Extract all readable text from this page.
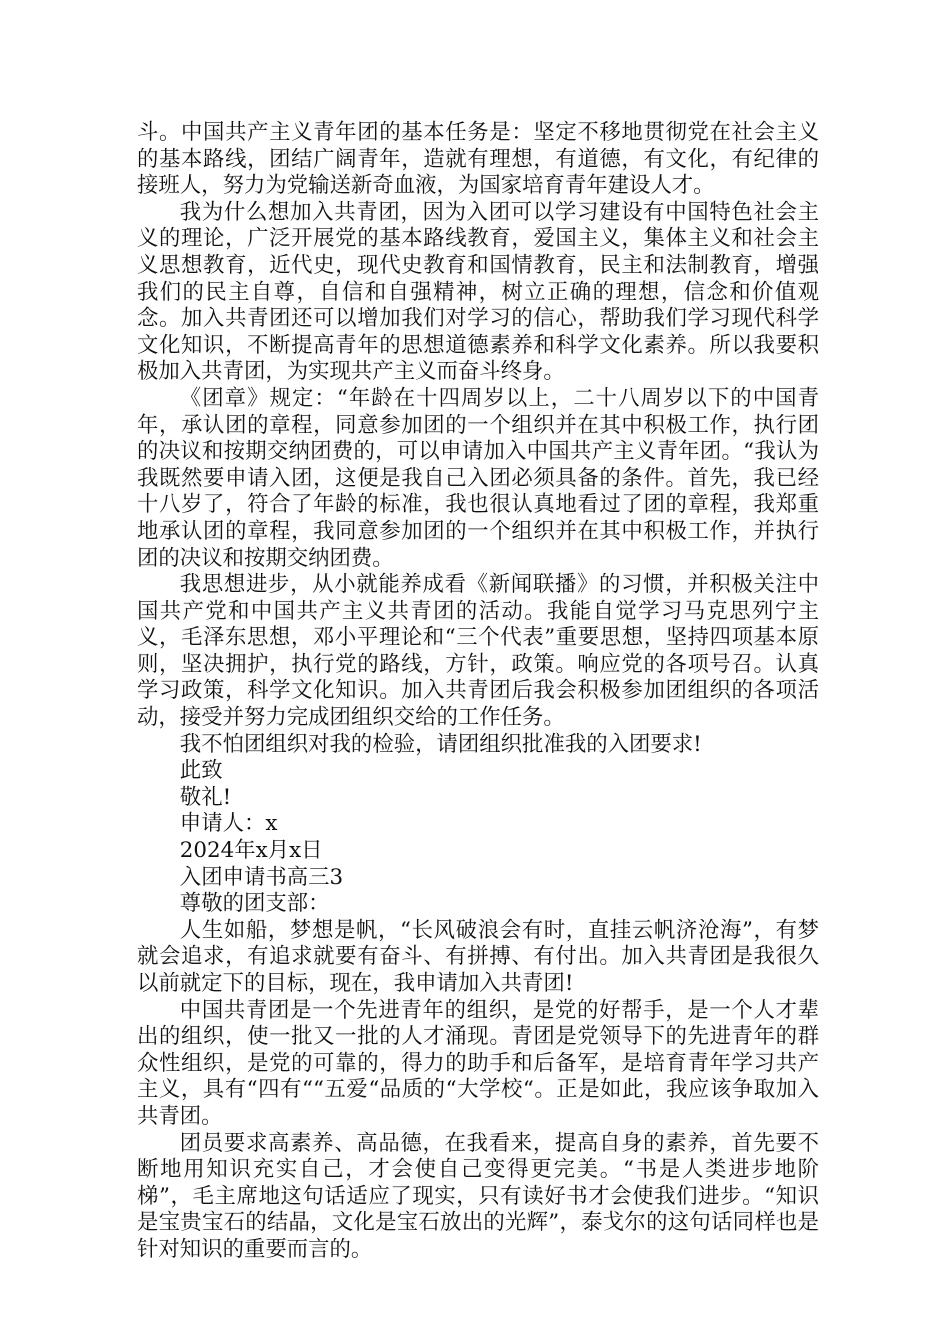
斗。中国共产主义青年团的基本任务是：坚定不移地贯彻党在社会主义的基本路线，团结广阔青年，造就有理想，有道德，有文化，有纪律的接班人，努力为党输送新奇血液，为国家培育青年建设人才。

我为什么想加入共青团，因为入团可以学习建设有中国特色社会主义的理论，广泛开展党的基本路线教育，爱国主义，集体主义和社会主义思想教育，近代史，现代史教育和国情教育，民主和法制教育，增强我们的民主自尊，自信和自强精神，树立正确的理想，信念和价值观念。加入共青团还可以增加我们对学习的信心，帮助我们学习现代科学文化知识，不断提高青年的思想道德素养和科学文化素养。所以我要积极加入共青团，为实现共产主义而奋斗终身。

《团章》规定：“年龄在十四周岁以上，二十八周岁以下的中国青年，承认团的章程，同意参加团的一个组织并在其中积极工作，执行团的决议和按期交纳团费的，可以申请加入中国共产主义青年团。“我认为我既然要申请入团，这便是我自己入团必须具备的条件。首先，我已经十八岁了，符合了年龄的标准，我也很认真地看过了团的章程，我郑重地承认团的章程，我同意参加团的一个组织并在其中积极工作，并执行团的决议和按期交纳团费。

我思想进步，从小就能养成看《新闻联播》的习惯，并积极关注中国共产党和中国共产主义共青团的活动。我能自觉学习马克思列宁主义，毛泽东思想，邓小平理论和“三个代表”重要思想，坚持四项基本原则，坚决拥护，执行党的路线，方针，政策。响应党的各项号召。认真学习政策，科学文化知识。加入共青团后我会积极参加团组织的各项活动，接受并努力完成团组织交给的工作任务。

我不怕团组织对我的检验，请团组织批准我的入团要求!

此致

敬礼!

申请人：x

2024年x月x日

入团申请书高三3

尊敬的团支部：

人生如船，梦想是帆，“长风破浪会有时，直挂云帆济沧海”，有梦就会追求，有追求就要有奋斗、有拼搏、有付出。加入共青团是我很久以前就定下的目标，现在，我申请加入共青团!

中国共青团是一个先进青年的组织，是党的好帮手，是一个人才辈出的组织，使一批又一批的人才涌现。青团是党领导下的先进青年的群众性组织，是党的可靠的，得力的助手和后备军，是培育青年学习共产主义，具有“四有““五爱“品质的“大学校“。正是如此，我应该争取加入共青团。

团员要求高素养、高品德，在我看来，提高自身的素养，首先要不断地用知识充实自己，才会使自己变得更完美。“书是人类进步地阶梯”，毛主席地这句话适应了现实，只有读好书才会使我们进步。“知识是宝贵宝石的结晶，文化是宝石放出的光辉”，泰戈尔的这句话同样也是针对知识的重要而言的。
